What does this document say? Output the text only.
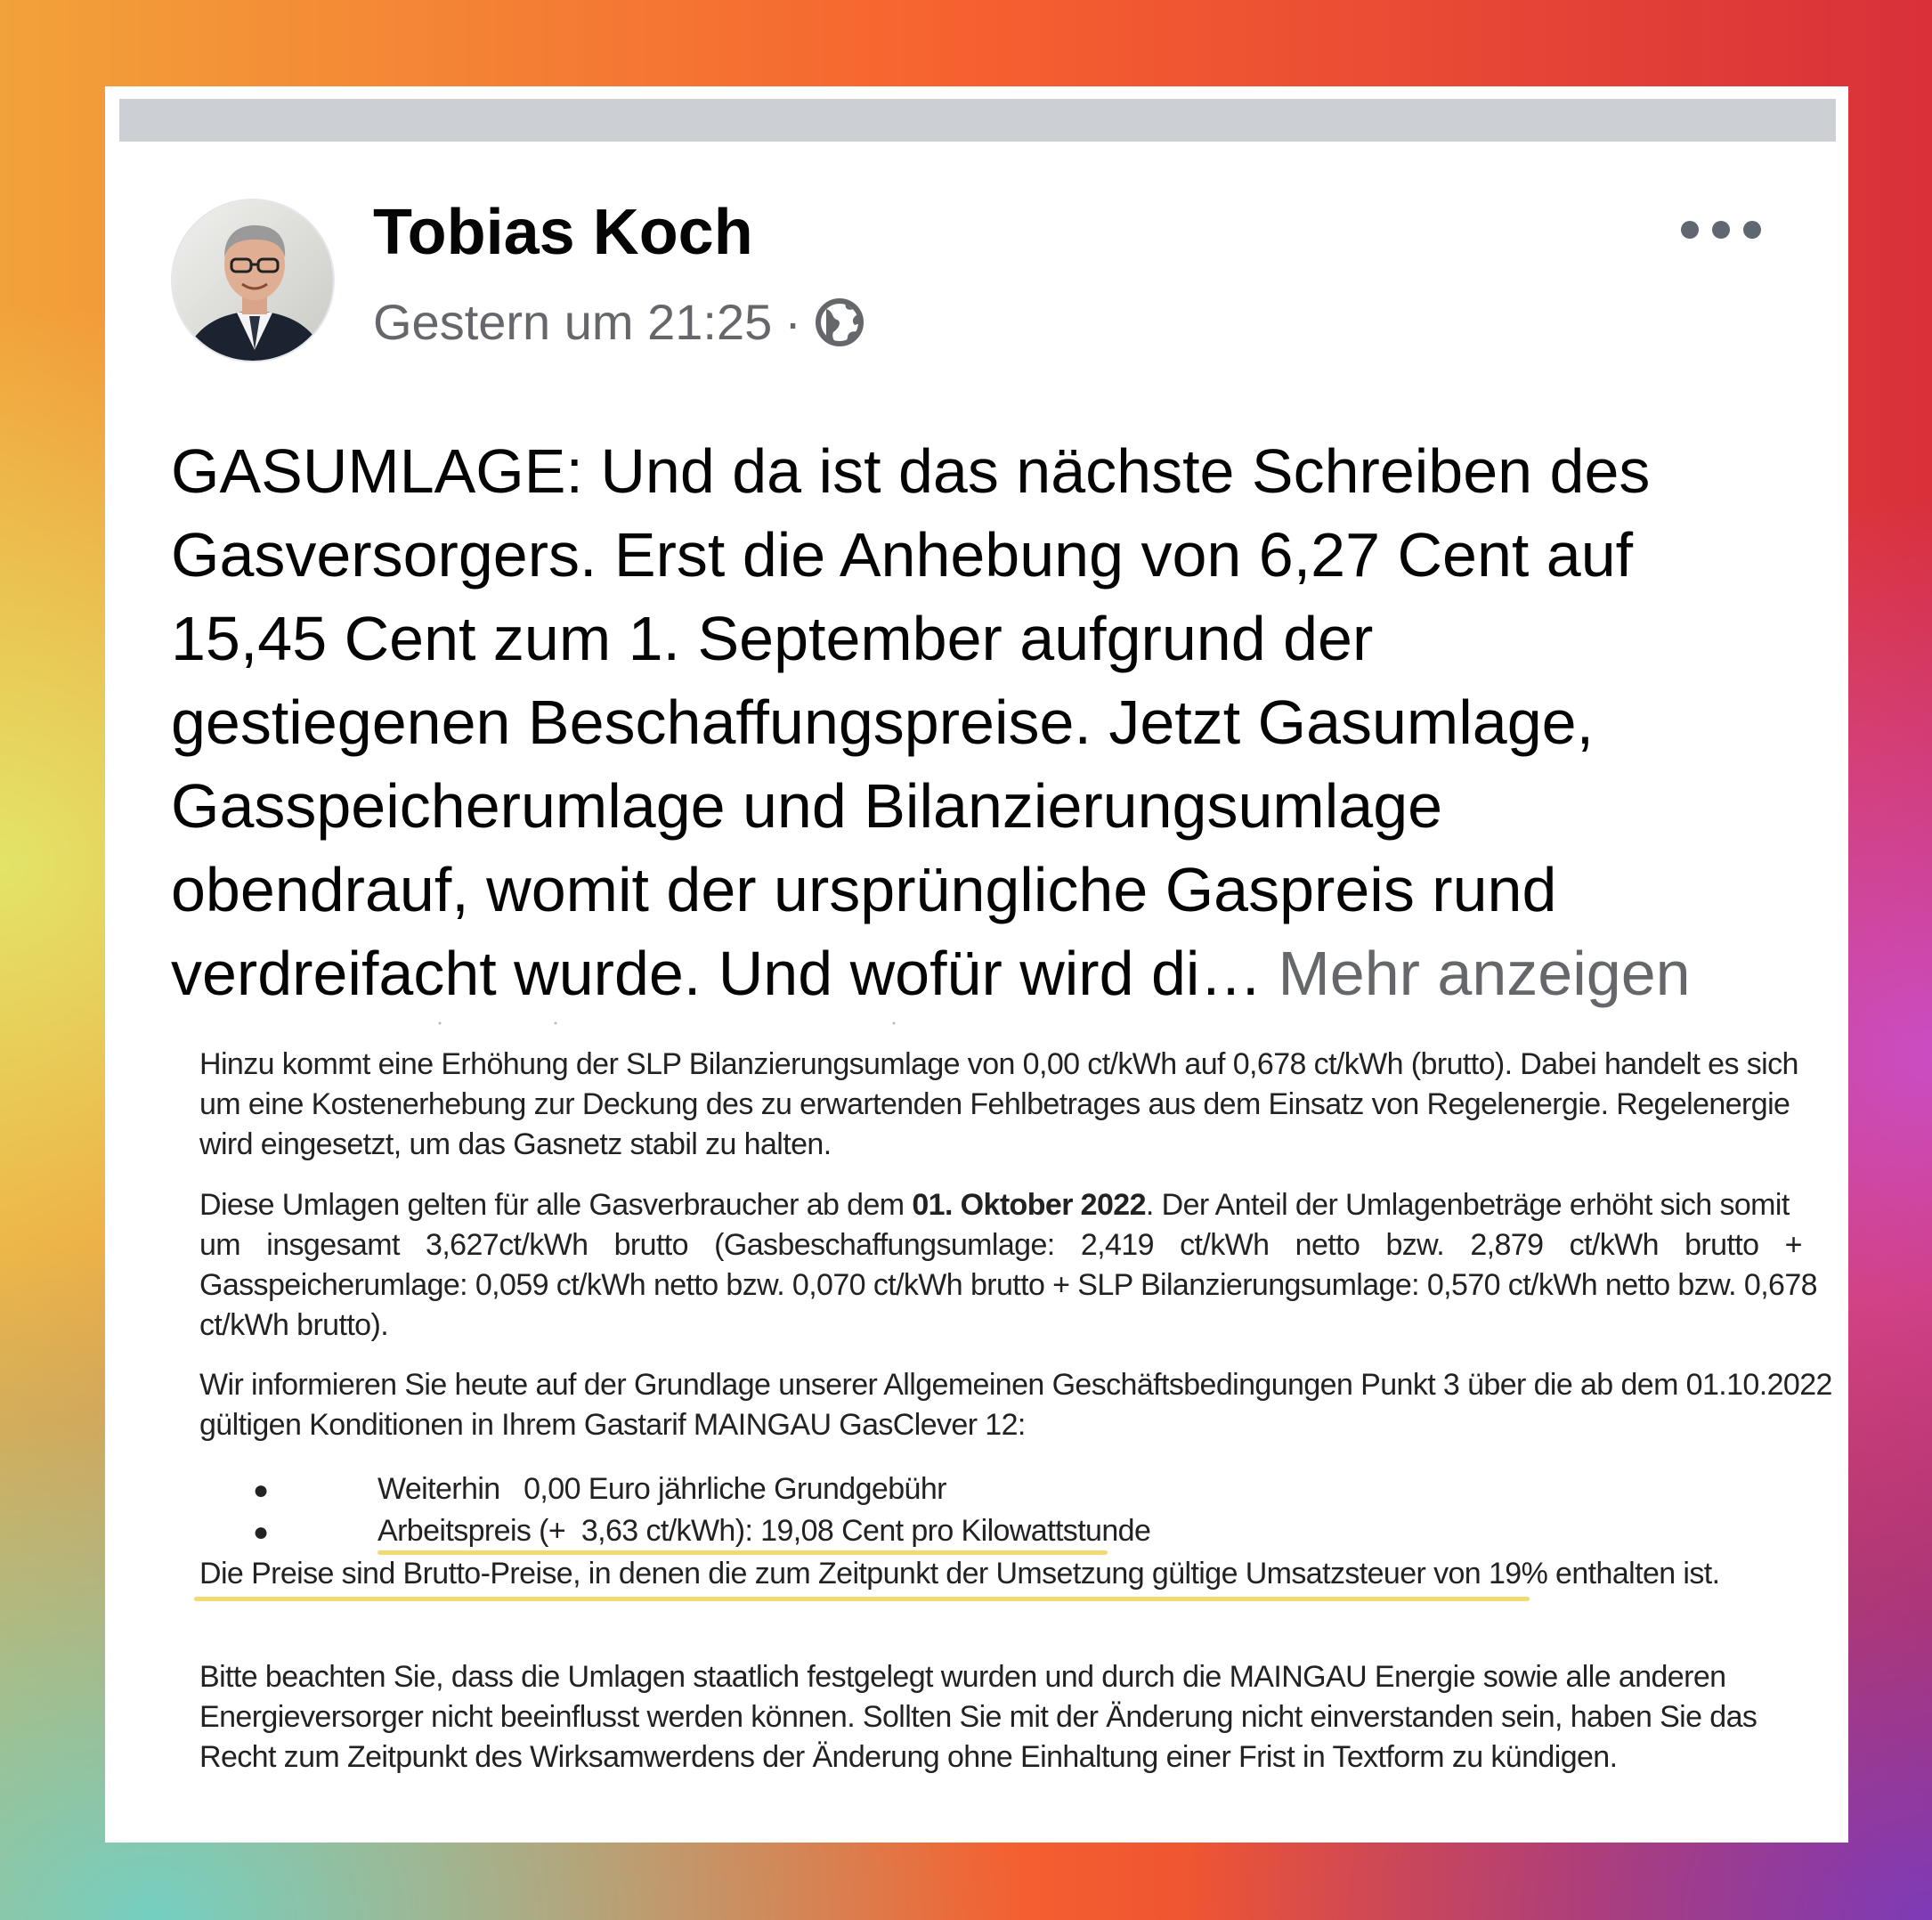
Tobias Koch
Gestern um 21:25 ·
GASUMLAGE: Und da ist das nächste Schreiben des
Gasversorgers. Erst die Anhebung von 6,27 Cent auf
15,45 Cent zum 1. September aufgrund der
gestiegenen Beschaffungspreise. Jetzt Gasumlage,
Gasspeicherumlage und Bilanzierungsumlage
obendrauf, womit der ursprüngliche Gaspreis rund
verdreifacht wurde. Und wofür wird di… Mehr anzeigen
Hinzu kommt eine Erhöhung der SLP Bilanzierungsumlage von 0,00 ct/kWh auf 0,678 ct/kWh (brutto). Dabei handelt es sich
um eine Kostenerhebung zur Deckung des zu erwartenden Fehlbetrages aus dem Einsatz von Regelenergie. Regelenergie
wird eingesetzt, um das Gasnetz stabil zu halten.
Diese Umlagen gelten für alle Gasverbraucher ab dem 01. Oktober 2022. Der Anteil der Umlagenbeträge erhöht sich somit
um insgesamt 3,627ct/kWh brutto (Gasbeschaffungsumlage: 2,419 ct/kWh netto bzw. 2,879 ct/kWh brutto +
Gasspeicherumlage: 0,059 ct/kWh netto bzw. 0,070 ct/kWh brutto + SLP Bilanzierungsumlage: 0,570 ct/kWh netto bzw. 0,678
ct/kWh brutto).
Wir informieren Sie heute auf der Grundlage unserer Allgemeinen Geschäftsbedingungen Punkt 3 über die ab dem 01.10.2022
gültigen Konditionen in Ihrem Gastarif MAINGAU GasClever 12:
●	Weiterhin   0,00 Euro jährliche Grundgebühr
●	Arbeitspreis (+  3,63 ct/kWh): 19,08 Cent pro Kilowattstunde
Die Preise sind Brutto-Preise, in denen die zum Zeitpunkt der Umsetzung gültige Umsatzsteuer von 19% enthalten ist.
Bitte beachten Sie, dass die Umlagen staatlich festgelegt wurden und durch die MAINGAU Energie sowie alle anderen
Energieversorger nicht beeinflusst werden können. Sollten Sie mit der Änderung nicht einverstanden sein, haben Sie das
Recht zum Zeitpunkt des Wirksamwerdens der Änderung ohne Einhaltung einer Frist in Textform zu kündigen.
